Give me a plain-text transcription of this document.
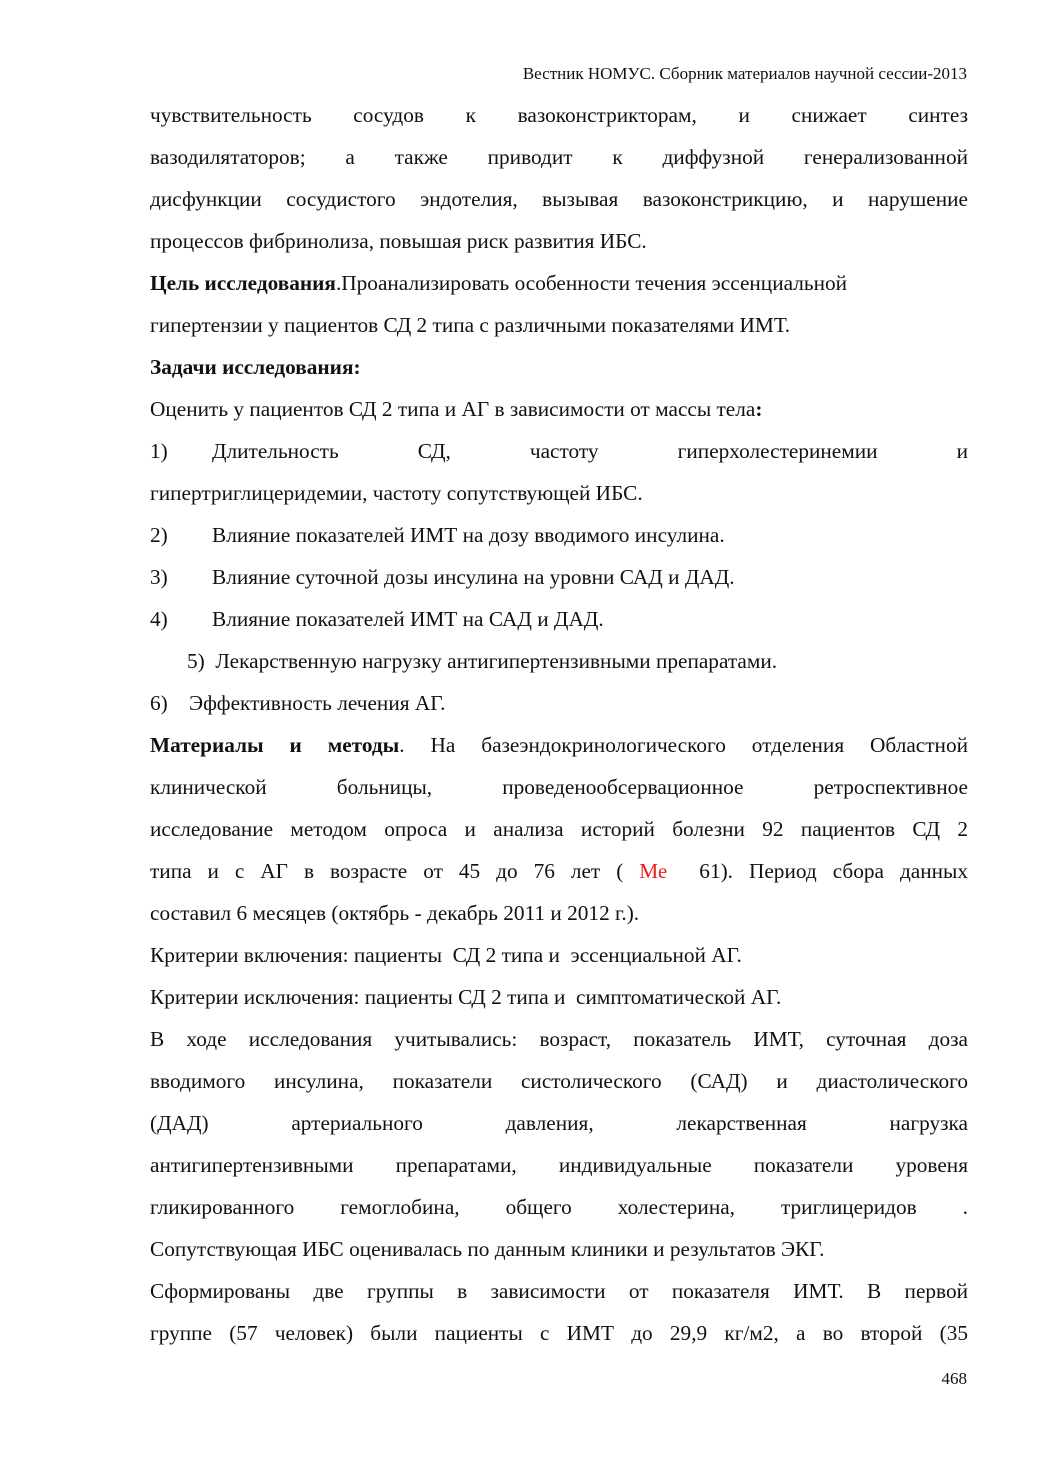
Вестник НОМУС. Сборник материалов научной сессии-2013
чувствительность сосудов к вазоконстрикторам, и снижает синтез
вазодилятаторов; а также приводит к диффузной генерализованной
дисфункции сосудистого эндотелия, вызывая вазоконстрикцию, и нарушение
процессов фибринолиза, повышая риск развития ИБС.
Цель исследования.Проанализировать особенности течения эссенциальной
гипертензии у пациентов СД 2 типа с различными показателями ИМТ.
Задачи исследования:
Оценить у пациентов СД 2 типа и АГ в зависимости от массы тела:
1)	Длительность СД, частоту гиперхолестеринемии и
гипертриглицеридемии, частоту сопутствующей ИБС.
2)	Влияние показателей ИМТ на дозу вводимого инсулина.
3)	Влияние суточной дозы инсулина на уровни САД и ДАД.
4)	Влияние показателей ИМТ на САД и ДАД.
5)  Лекарственную нагрузку антигипертензивными препаратами.
6)    Эффективность лечения АГ.
Материалы и методы. На базеэндокринологического отделения Областной
клинической больницы, проведенообсервационное ретроспективное
исследование методом опроса и анализа историй болезни 92 пациентов СД 2
типа и с АГ в возрасте от 45 до 76 лет ( Ме 61). Период сбора данных
составил 6 месяцев (октябрь - декабрь 2011 и 2012 г.).
Критерии включения: пациенты  СД 2 типа и  эссенциальной АГ.
Критерии исключения: пациенты СД 2 типа и  симптоматической АГ.
В ходе исследования учитывались: возраст, показатель ИМТ, суточная доза
вводимого инсулина, показатели систолического (САД) и диастолического
(ДАД) артериального давления, лекарственная нагрузка
антигипертензивными препаратами, индивидуальные показатели уровеня
гликированного гемоглобина, общего холестерина, триглицеридов .
Сопутствующая ИБС оценивалась по данным клиники и результатов ЭКГ.
Сформированы две группы в зависимости от показателя ИМТ. В первой
группе (57 человек) были пациенты с ИМТ до 29,9 кг/м2, а во второй (35
468
